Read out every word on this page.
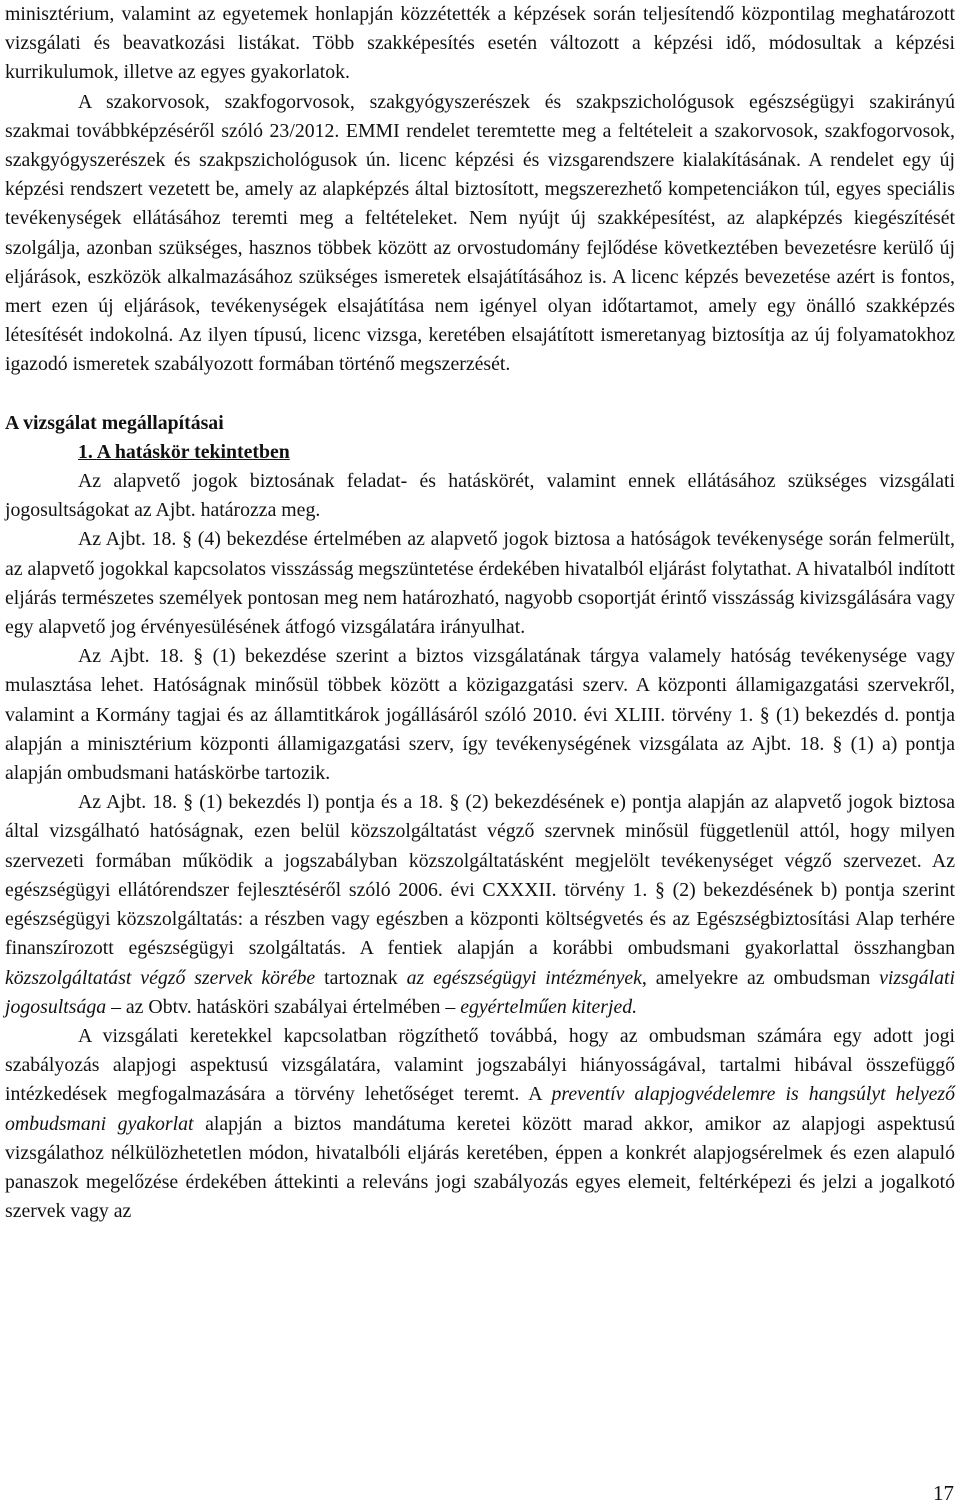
minisztérium, valamint az egyetemek honlapján közzétették a képzések során teljesítendő központilag meghatározott vizsgálati és beavatkozási listákat. Több szakképesítés esetén változott a képzési idő, módosultak a képzési kurrikulumok, illetve az egyes gyakorlatok.

A szakorvosok, szakfogorvosok, szakgyógyszerészek és szakpszichológusok egészségügyi szakirányú szakmai továbbképzéséről szóló 23/2012. EMMI rendelet teremtette meg a feltételeit a szakorvosok, szakfogorvosok, szakgyógyszerészek és szakpszichológusok ún. licenc képzési és vizsgarendszere kialakításának. A rendelet egy új képzési rendszert vezetett be, amely az alapképzés által biztosított, megszerezhető kompetenciákon túl, egyes speciális tevékenységek ellátásához teremti meg a feltételeket. Nem nyújt új szakképesítést, az alapképzés kiegészítését szolgálja, azonban szükséges, hasznos többek között az orvostudomány fejlődése következtében bevezetésre kerülő új eljárások, eszközök alkalmazásához szükséges ismeretek elsajátításához is. A licenc képzés bevezetése azért is fontos, mert ezen új eljárások, tevékenységek elsajátítása nem igényel olyan időtartamot, amely egy önálló szakképzés létesítését indokolná. Az ilyen típusú, licenc vizsga, keretében elsajátított ismeretanyag biztosítja az új folyamatokhoz igazodó ismeretek szabályozott formában történő megszerzését.

A vizsgálat megállapításai

1. A hatáskör tekintetben

Az alapvető jogok biztosának feladat- és hatáskörét, valamint ennek ellátásához szükséges vizsgálati jogosultságokat az Ajbt. határozza meg.

Az Ajbt. 18. § (4) bekezdése értelmében az alapvető jogok biztosa a hatóságok tevékenysége során felmerült, az alapvető jogokkal kapcsolatos visszásság megszüntetése érdekében hivatalból eljárást folytathat. A hivatalból indított eljárás természetes személyek pontosan meg nem határozható, nagyobb csoportját érintő visszásság kivizsgálására vagy egy alapvető jog érvényesülésének átfogó vizsgálatára irányulhat.

Az Ajbt. 18. § (1) bekezdése szerint a biztos vizsgálatának tárgya valamely hatóság tevékenysége vagy mulasztása lehet. Hatóságnak minősül többek között a közigazgatási szerv. A központi államigazgatási szervekről, valamint a Kormány tagjai és az államtitkárok jogállásáról szóló 2010. évi XLIII. törvény 1. § (1) bekezdés d. pontja alapján a minisztérium központi államigazgatási szerv, így tevékenységének vizsgálata az Ajbt. 18. § (1) a) pontja alapján ombudsmani hatáskörbe tartozik.

Az Ajbt. 18. § (1) bekezdés l) pontja és a 18. § (2) bekezdésének e) pontja alapján az alapvető jogok biztosa által vizsgálható hatóságnak, ezen belül közszolgáltatást végző szervnek minősül függetlenül attól, hogy milyen szervezeti formában működik a jogszabályban közszolgáltatásként megjelölt tevékenységet végző szervezet. Az egészségügyi ellátórendszer fejlesztéséről szóló 2006. évi CXXXII. törvény 1. § (2) bekezdésének b) pontja szerint egészségügyi közszolgáltatás: a részben vagy egészben a központi költségvetés és az Egészségbiztosítási Alap terhére finanszírozott egészségügyi szolgáltatás. A fentiek alapján a korábbi ombudsmani gyakorlattal összhangban közszolgáltatást végző szervek körébe tartoznak az egészségügyi intézmények, amelyekre az ombudsman vizsgálati jogosultsága – az Obtv. hatásköri szabályai értelmében – egyértelműen kiterjed.

A vizsgálati keretekkel kapcsolatban rögzíthető továbbá, hogy az ombudsman számára egy adott jogi szabályozás alapjogi aspektusú vizsgálatára, valamint jogszabályi hiányosságával, tartalmi hibával összefüggő intézkedések megfogalmazására a törvény lehetőséget teremt. A preventív alapjogvédelemre is hangsúlyt helyező ombudsmani gyakorlat alapján a biztos mandátuma keretei között marad akkor, amikor az alapjogi aspektusú vizsgálathoz nélkülözhetetlen módon, hivatalbóli eljárás keretében, éppen a konkrét alapjogsérelmek és ezen alapuló panaszok megelőzése érdekében áttekinti a releváns jogi szabályozás egyes elemeit, feltérképezi és jelzi a jogalkotó szervek vagy az

17
